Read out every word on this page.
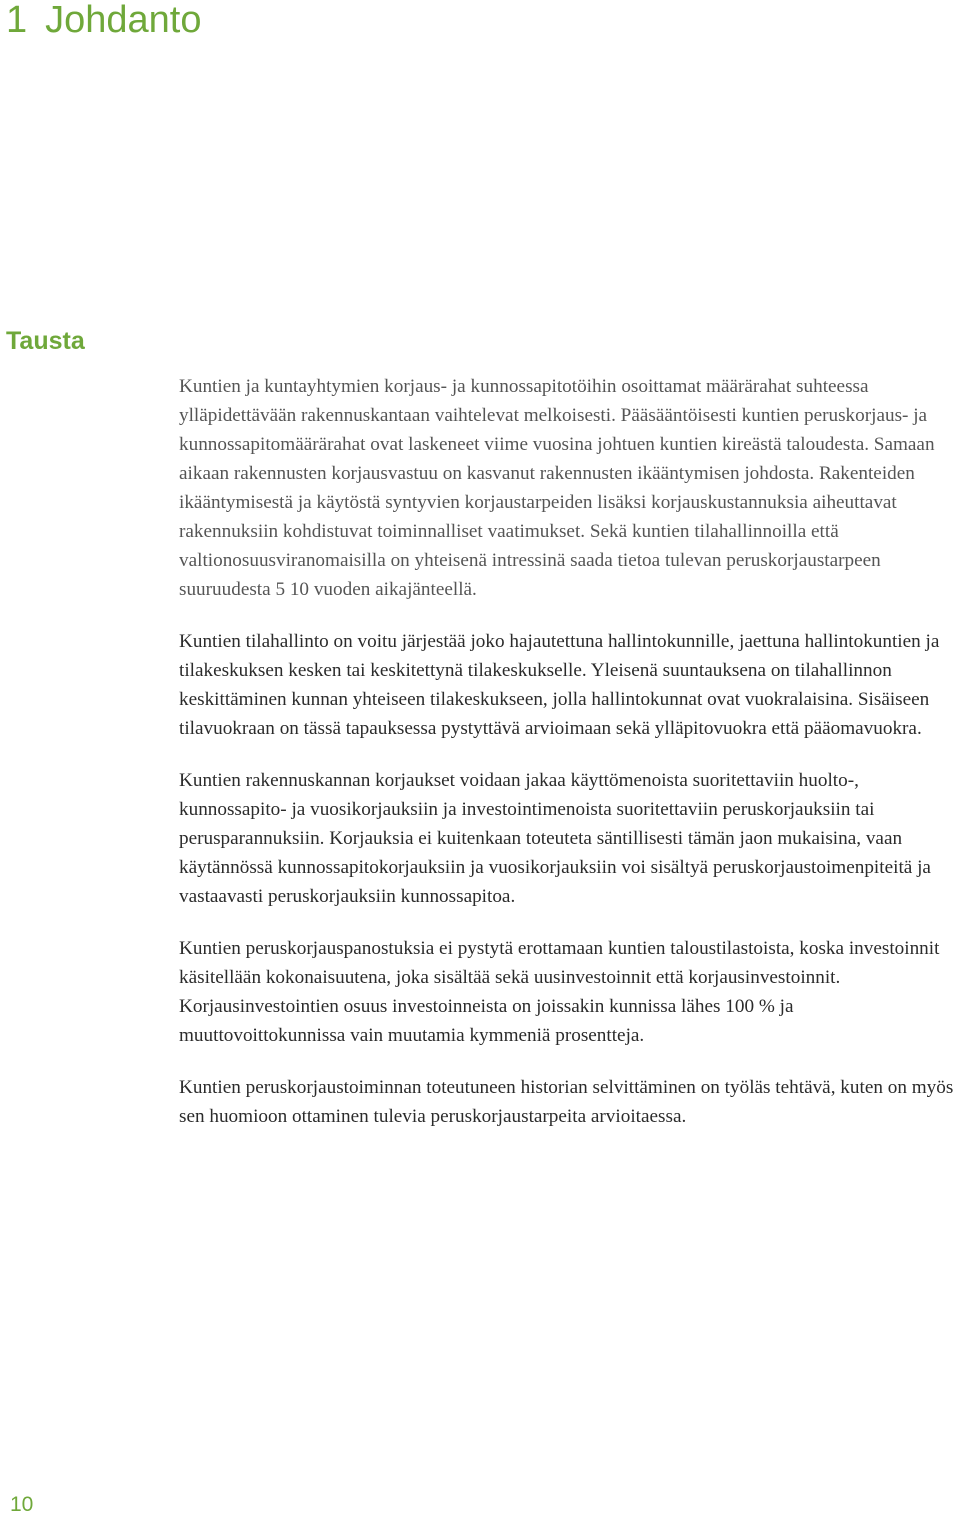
1 Johdanto
Tausta

Kuntien ja kuntayhtymien korjaus- ja kunnossapitotöihin osoittamat määrärahat suhteessa ylläpidettävään rakennuskantaan vaihtelevat melkoisesti. Pääsääntöisesti kuntien peruskorjaus- ja kunnossapitomäärärahat ovat laskeneet viime vuosina johtuen kuntien kireästä taloudesta. Samaan aikaan rakennusten korjausvastuu on kasvanut rakennusten ikääntymisen johdosta. Rakenteiden ikääntymisestä ja käytöstä syntyvien korjaustarpeiden lisäksi korjauskustannuksia aiheuttavat rakennuksiin kohdistuvat toiminnalliset vaatimukset. Sekä kuntien tilahallinnoilla että valtionosuusviranomaisilla on yhteisenä intressinä saada tietoa tulevan peruskorjaustarpeen suuruudesta 5 10 vuoden aikajänteellä.

Kuntien tilahallinto on voitu järjestää joko hajautettuna hallintokunnille, jaettuna hallintokuntien ja tilakeskuksen kesken tai keskitettynä tilakeskukselle. Yleisenä suuntauksena on tilahallinnon keskittäminen kunnan yhteiseen tilakeskukseen, jolla hallintokunnat ovat vuokralaisina. Sisäiseen tilavuokraan on tässä tapauksessa pystyttävä arvioimaan sekä ylläpitovuokra että pääomavuokra.

Kuntien rakennuskannan korjaukset voidaan jakaa käyttömenoista suoritettaviin huolto-, kunnossapito- ja vuosikorjauksiin ja investointimenoista suoritettaviin peruskorjauksiin tai perusparannuksiin. Korjauksia ei kuitenkaan toteuteta säntillisesti tämän jaon mukaisina, vaan käytännössä kunnossapitokorjauksiin ja vuosikorjauksiin voi sisältyä peruskorjaustoimenpiteitä ja vastaavasti peruskorjauksiin kunnossapitoa.

Kuntien peruskorjauspanostuksia ei pystytä erottamaan kuntien taloustilastoista, koska investoinnit käsitellään kokonaisuutena, joka sisältää sekä uusinvestoinnit että korjausinvestoinnit. Korjausinvestointien osuus investoinneista on joissakin kunnissa lähes 100 % ja muuttovoittokunnissa vain muutamia kymmeniä prosentteja.

Kuntien peruskorjaustoiminnan toteutuneen historian selvittäminen on työläs tehtävä, kuten on myös sen huomioon ottaminen tulevia peruskorjaustarpeita arvioitaessa.

10
